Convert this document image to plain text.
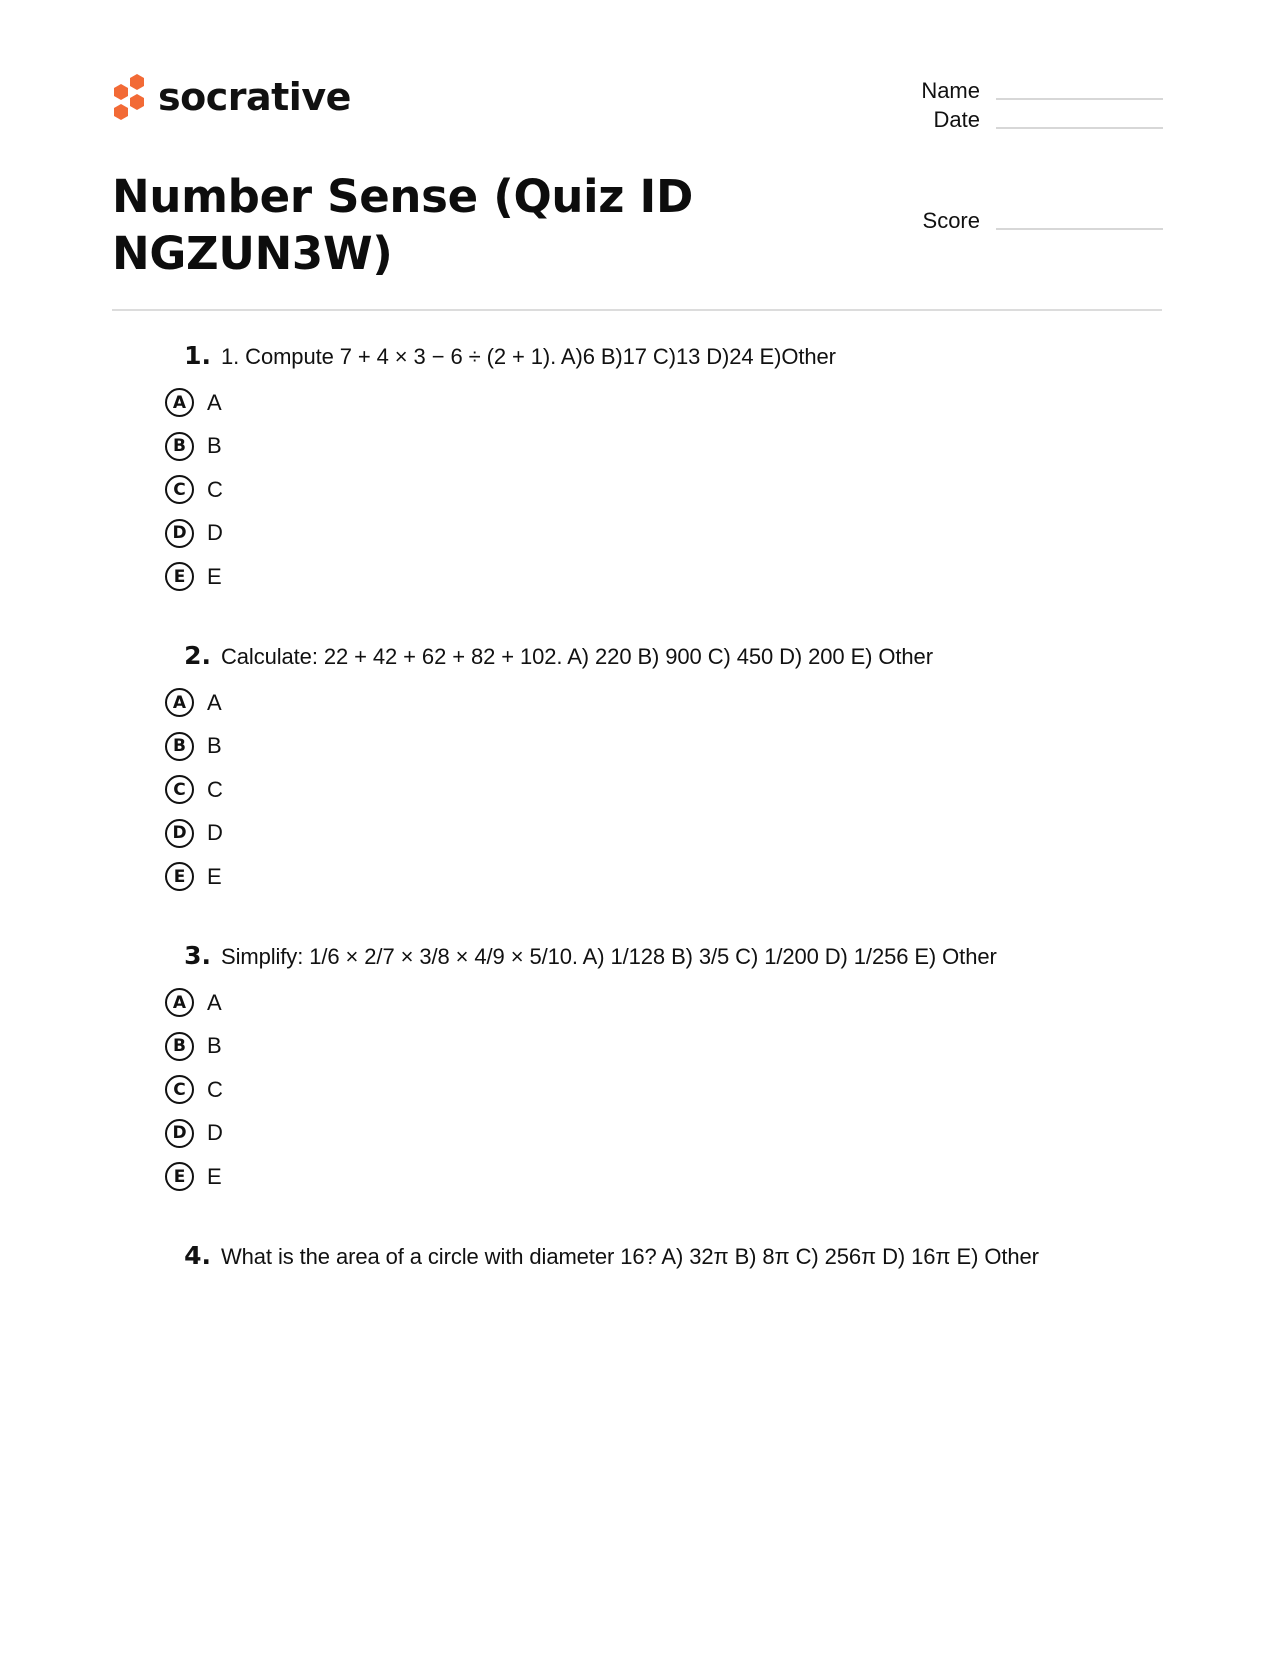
socrative
Number Sense (Quiz ID NGZUN3W)
Name
Date
Score
1. 1. Compute 7 + 4 × 3 − 6 ÷ (2 + 1). A)6 B)17 C)13 D)24 E)Other
A A
B B
C C
D D
E E
2. Calculate: 22 + 42 + 62 + 82 + 102. A) 220 B) 900 C) 450 D) 200 E) Other
A A
B B
C C
D D
E E
3. Simplify: 1/6 × 2/7 × 3/8 × 4/9 × 5/10. A) 1/128 B) 3/5 C) 1/200 D) 1/256 E) Other
A A
B B
C C
D D
E E
4. What is the area of a circle with diameter 16? A) 32π B) 8π C) 256π D) 16π E) Other
